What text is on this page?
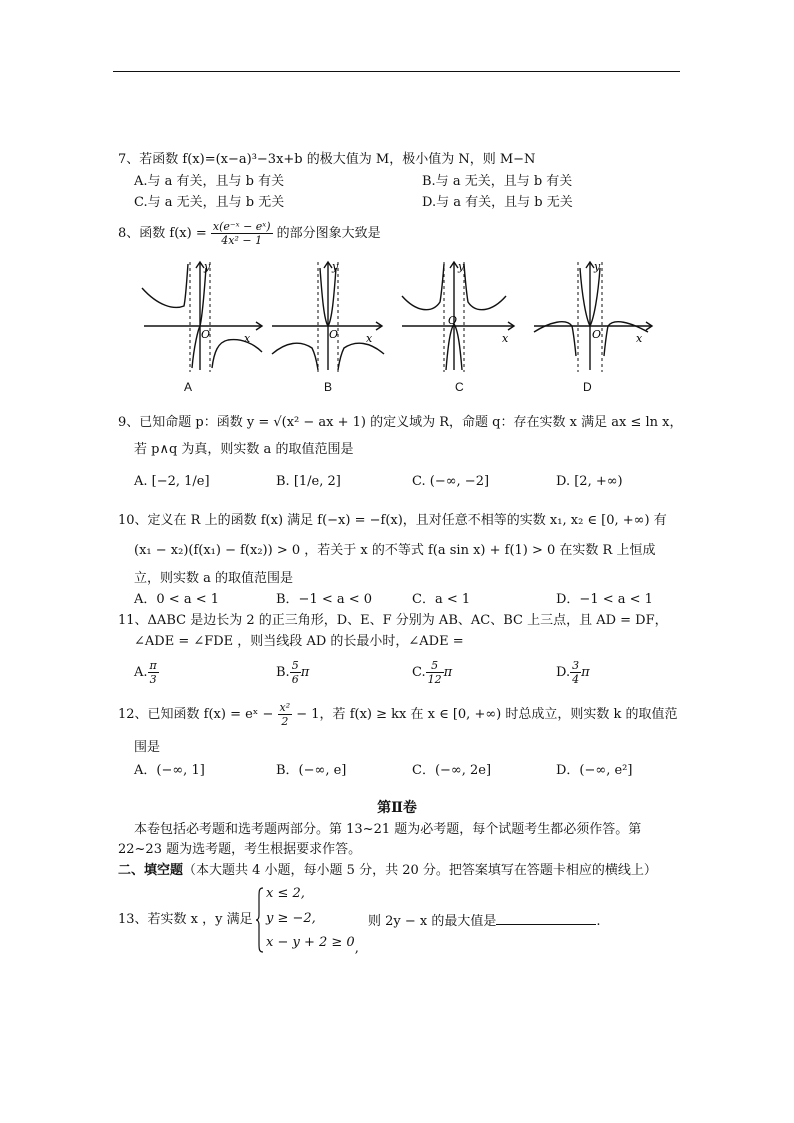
7、若函数 f(x)=(x−a)³−3x+b 的极大值为 M，极小值为 N，则 M−N
A.与 a 有关，且与 b 有关	B.与 a 无关，且与 b 有关
C.与 a 无关，且与 b 无关	D.与 a 有关，且与 b 无关
8、函数 $f(x) = \frac{\text{x(e⁻ˣ − eˣ)}}{\text{4x² − 1}}$ 的部分图象大致是
y
x
O
y
x
O
y
x
O
y
x
O
A	B	C	D
9、已知命题 p：函数 y = √(x² − ax + 1) 的定义域为 R，命题 q：存在实数 x 满足 ax ≤ ln x，
若 p∧q 为真，则实数 a 的取值范围是
A. [−2, 1/e]	B. [1/e, 2]	C. (−∞, −2]	D. [2, +∞)
10、定义在 R 上的函数 f(x) 满足 f(−x) = −f(x)，且对任意不相等的实数 x₁, x₂ ∈ [0, +∞) 有
(x₁ − x₂)(f(x₁) − f(x₂)) > 0 ，若关于 x 的不等式 f(a sin x) + f(1) > 0 在实数 R 上恒成
立，则实数 a 的取值范围是
A．0 < a < 1	B．−1 < a < 0	C．a < 1	D．−1 < a < 1
11、ΔABC 是边长为 2 的正三角形，D、E、F 分别为 AB、AC、BC 上三点，且 AD = DF，
∠ADE = ∠FDE ，则当线段 AD 的长最小时，∠ADE =
A. $\frac{\pi}{3}$	B. $\frac{5}{6}$ π	C. $\frac{5}{12}$ π	D. $\frac{3}{4}$ π
12、已知函数 f(x) = eˣ − $\frac{\text{x²}}{2} - 1$，若 f(x) ≥ kx 在 x ∈ [0, +∞) 时总成立，则实数 k 的取值范
围是
A．(−∞, 1]	B．(−∞, e]	C．(−∞, 2e]	D．(−∞, e²]
第Ⅱ卷
本卷包括必考题和选考题两部分。第 13~21 题为必考题，每个试题考生都必须作答。第
22~23 题为选考题，考生根据要求作答。
二、填空题（本大题共 4 小题，每小题 5 分，共 20 分。把答案填写在答题卡相应的横线上）
13、若实数 x ，y 满足
x ≤ 2,
y ≥ −2,
x − y + 2 ≥ 0,
则 2y − x 的最大值是	.
